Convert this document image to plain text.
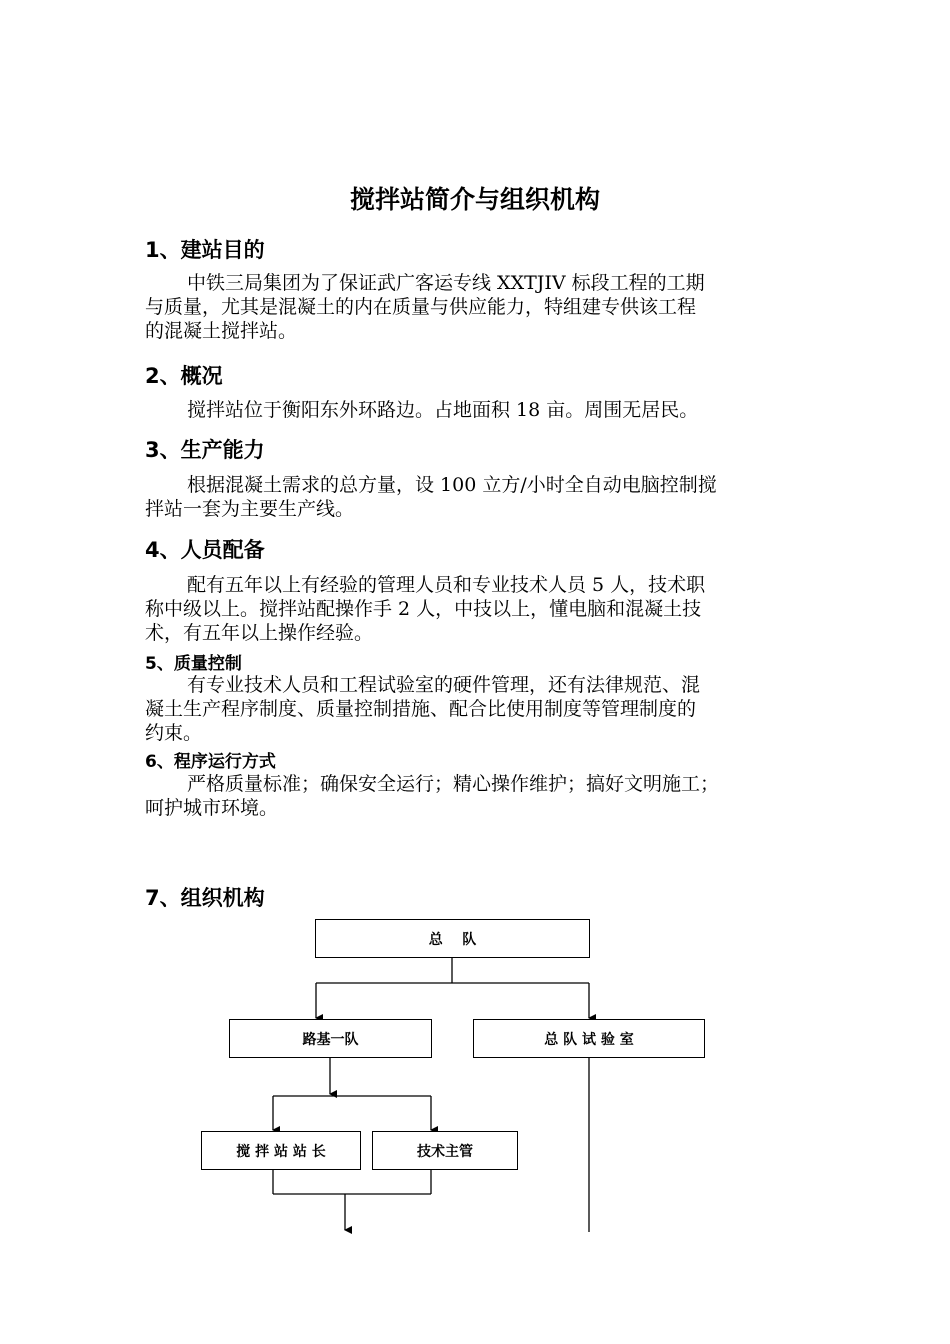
搅拌站简介与组织机构
1、建站目的
中铁三局集团为了保证武广客运专线 XXTJIV 标段工程的工期
与质量，尤其是混凝土的内在质量与供应能力，特组建专供该工程
的混凝土搅拌站。
2、概况
搅拌站位于衡阳东外环路边。占地面积 18 亩。周围无居民。
3、生产能力
根据混凝土需求的总方量，设 100 立方/小时全自动电脑控制搅
拌站一套为主要生产线。
4、人员配备
配有五年以上有经验的管理人员和专业技术人员 5 人，技术职
称中级以上。搅拌站配操作手 2 人，中技以上，懂电脑和混凝土技
术，有五年以上操作经验。
5、质量控制
有专业技术人员和工程试验室的硬件管理，还有法律规范、混
凝土生产程序制度、质量控制措施、配合比使用制度等管理制度的
约束。
6、程序运行方式
严格质量标准；确保安全运行；精心操作维护；搞好文明施工；
呵护城市环境。
7、组织机构
总    队
路基一队	总 队 试 验 室
搅 拌 站 站 长	技术主管
